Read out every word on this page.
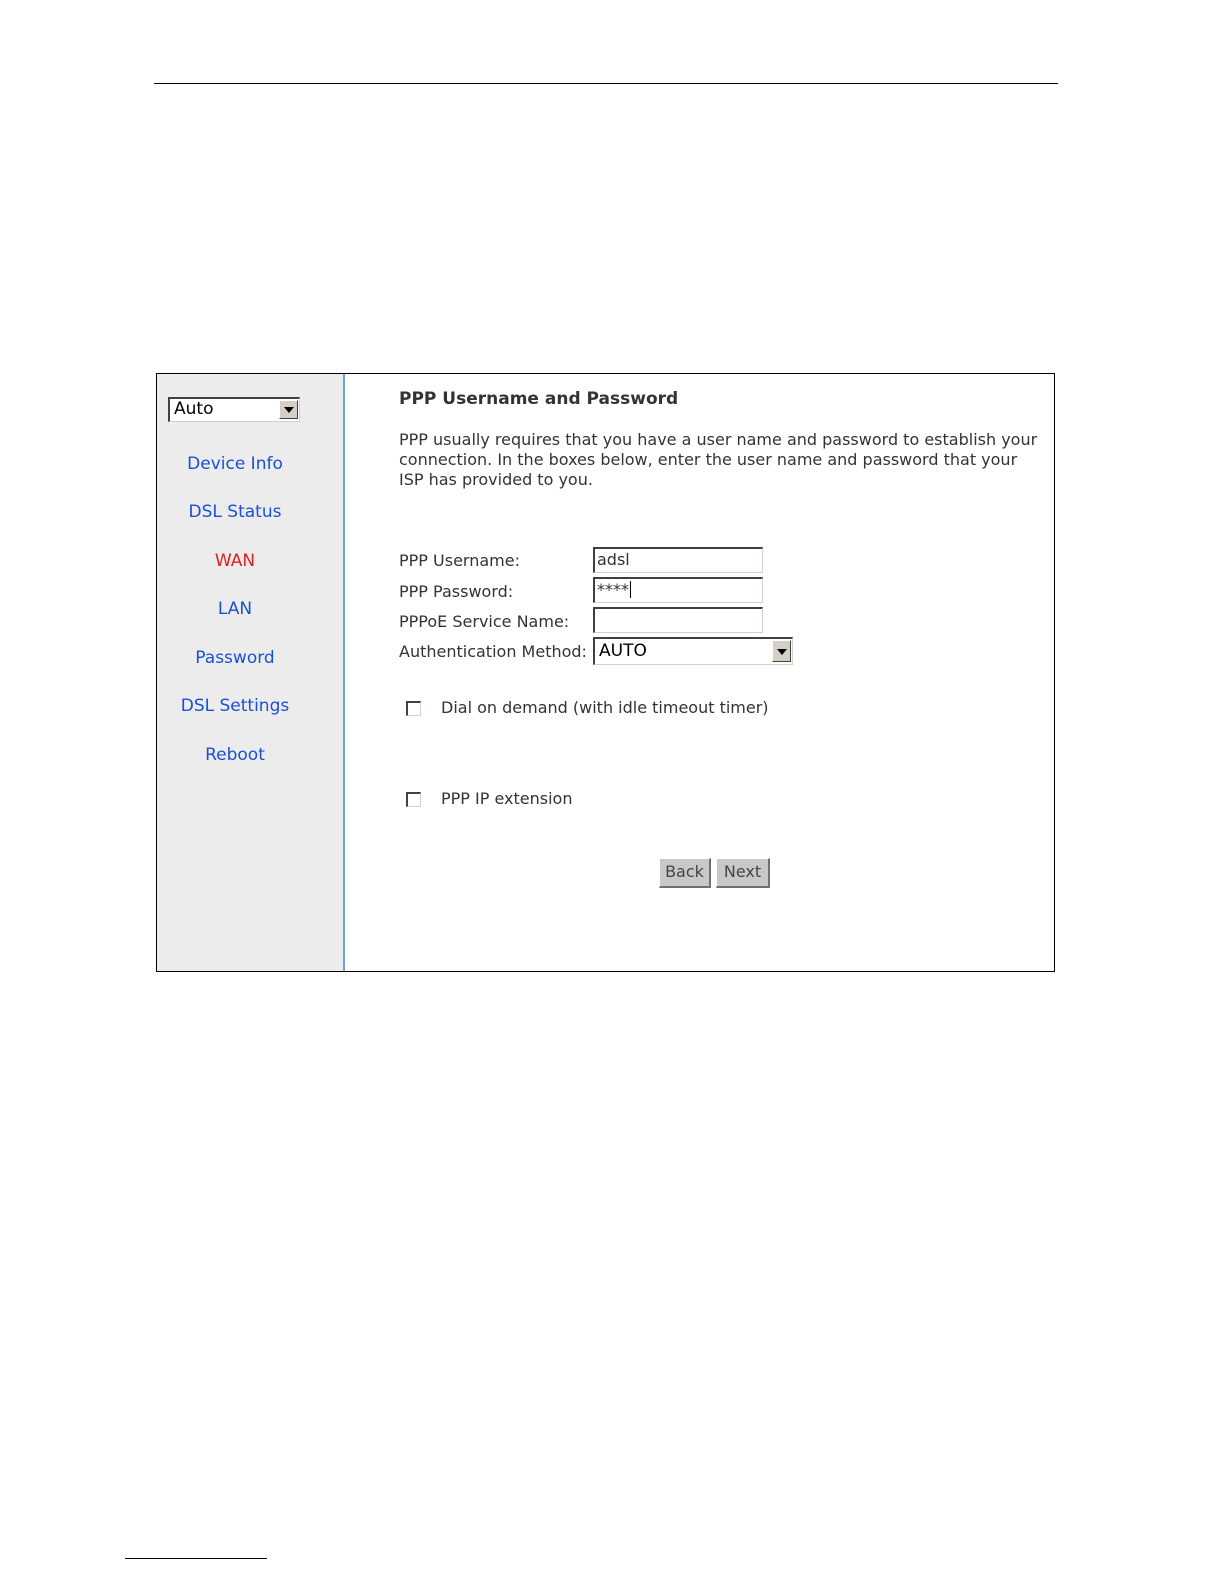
Auto
Device Info
DSL Status
WAN
LAN
Password
DSL Settings
Reboot
PPP Username and Password
PPP usually requires that you have a user name and password to establish your connection. In the boxes below, enter the user name and password that your ISP has provided to you.
PPP Username:	adsl
PPP Password:	****
PPPoE Service Name:
Authentication Method: AUTO
Dial on demand (with idle timeout timer)
PPP IP extension
Back	Next
